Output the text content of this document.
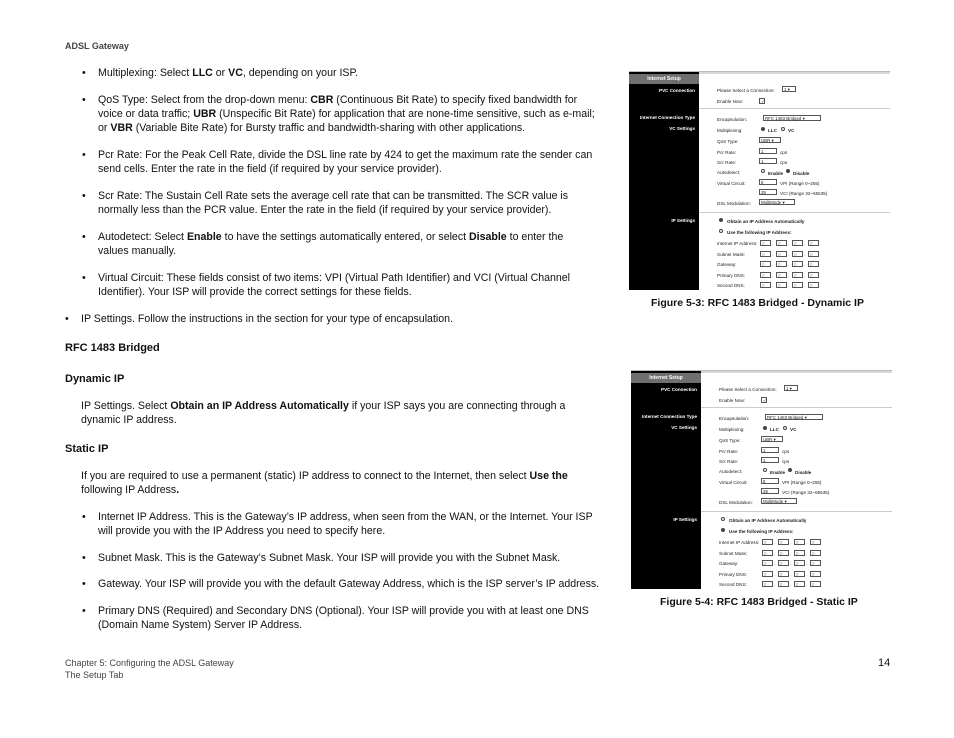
ADSL Gateway
• Multiplexing: Select LLC or VC, depending on your ISP.
• QoS Type: Select from the drop-down menu: CBR (Continuous Bit Rate) to specify fixed bandwidth for
voice or data traffic; UBR (Unspecific Bit Rate) for application that are none-time sensitive, such as e-mail;
or VBR (Variable Bite Rate) for Bursty traffic and bandwidth-sharing with other applications.
• Pcr Rate: For the Peak Cell Rate, divide the DSL line rate by 424 to get the maximum rate the sender can
send cells. Enter the rate in the field (if required by your service provider).
• Scr Rate: The Sustain Cell Rate sets the average cell rate that can be transmitted. The SCR value is
normally less than the PCR value. Enter the rate in the field (if required by your service provider).
• Autodetect: Select Enable to have the settings automatically entered, or select Disable to enter the
values manually.
• Virtual Circuit: These fields consist of two items: VPI (Virtual Path Identifier) and VCI (Virtual Channel
Identifier). Your ISP will provide the correct settings for these fields.
• IP Settings. Follow the instructions in the section for your type of encapsulation.
RFC 1483 Bridged
Dynamic IP
IP Settings. Select Obtain an IP Address Automatically if your ISP says you are connecting through a
dynamic IP address.
Static IP
If you are required to use a permanent (static) IP address to connect to the Internet, then select Use the
following IP Address.
• Internet IP Address. This is the Gateway’s IP address, when seen from the WAN, or the Internet. Your ISP
will provide you with the IP Address you need to specify here.
• Subnet Mask. This is the Gateway’s Subnet Mask. Your ISP will provide you with the Subnet Mask.
• Gateway. Your ISP will provide you with the default Gateway Address, which is the ISP server’s IP address.
• Primary DNS (Required) and Secondary DNS (Optional). Your ISP will provide you with at least one DNS
(Domain Name System) Server IP Address.
Internet Setup
PVC Connection
Internet Connection Type
VC Settings
IP Settings
Please Select a Connection:	1 ▾
Enable Now:	✓
Encapsulation:	RFC 1483 Bridged ▾
Multiplexing:	LLC VC
QoS Type:	UBR ▾
Pcr Rate:	1	cps
Scr Rate:	1	cps
Autodetect:	Enable Disable
Virtual Circuit:	8	VPI (Range 0~255)
35	VCI (Range 32~65535)
DSL Modulation:	MultiMode ▾
Obtain an IP Address Automatically
Use the following IP Address:
Internet IP Address:	0	.	0	.	0	.	0
Subnet Mask:	0	.	0	.	0	.	0
Gateway:	0	.	0	.	0	.	0
Primary DNS:	0	.	0	.	0	.	0
Second DNS:	0	.	0	.	0	.	0
Figure 5-3: RFC 1483 Bridged - Dynamic IP
Internet Setup
PVC Connection
Internet Connection Type
VC Settings
IP Settings
Please Select a Connection:	1 ▾
Enable Now:	✓
Encapsulation:	RFC 1483 Bridged ▾
Multiplexing:	LLC VC
QoS Type:	UBR ▾
Pcr Rate:	1	cps
Scr Rate:	1	cps
Autodetect:	Enable Disable
Virtual Circuit:	8	VPI (Range 0~255)
35	VCI (Range 32~65535)
DSL Modulation:	MultiMode ▾
Obtain an IP Address Automatically
Use the following IP Address:
Internet IP Address:	0	.	0	.	0	.	0
Subnet Mask:	0	.	0	.	0	.	0
Gateway:	0	.	0	.	0	.	0
Primary DNS:	0	.	0	.	0	.	0
Second DNS:	0	.	0	.	0	.	0
Figure 5-4: RFC 1483 Bridged - Static IP
Chapter 5: Configuring the ADSL Gateway
The Setup Tab
14
